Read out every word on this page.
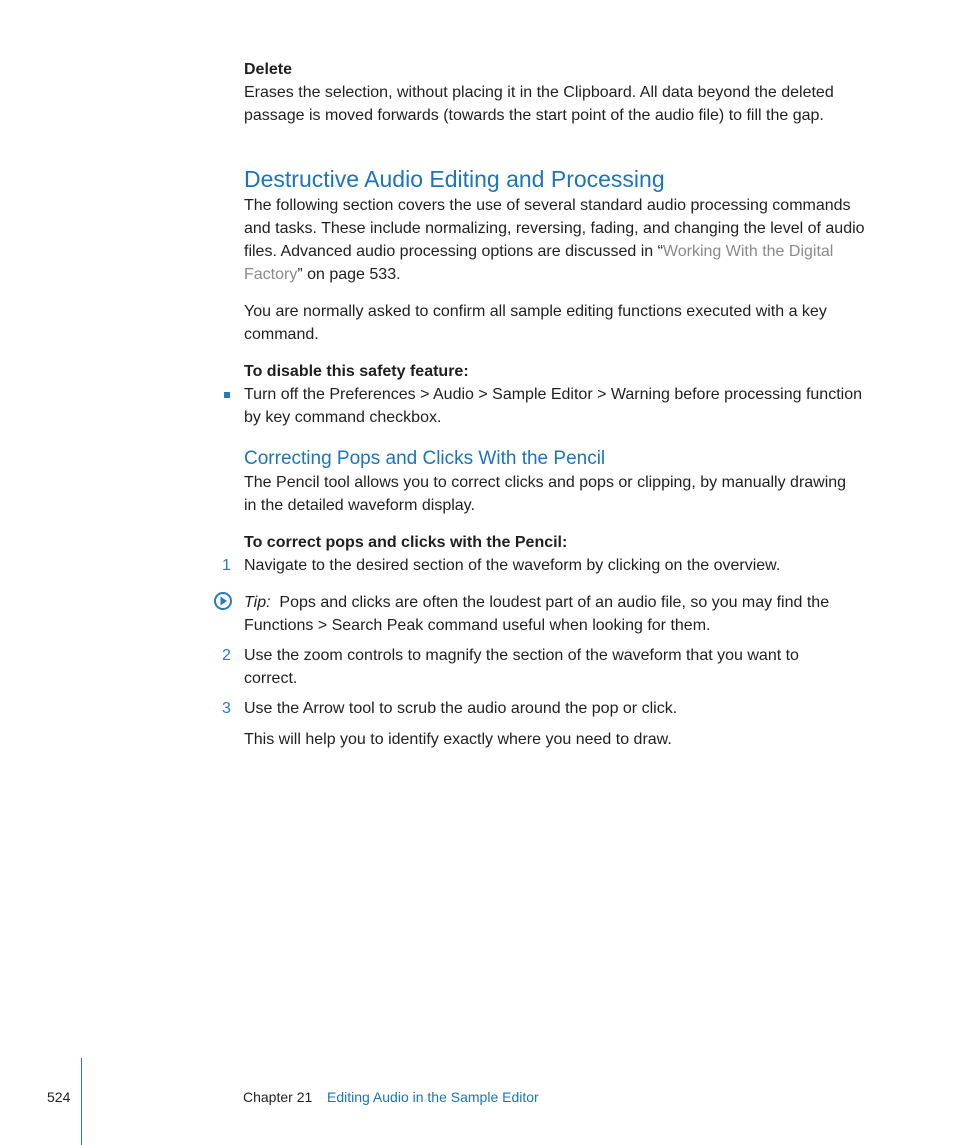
Delete
Erases the selection, without placing it in the Clipboard. All data beyond the deleted
passage is moved forwards (towards the start point of the audio file) to fill the gap.
Destructive Audio Editing and Processing
The following section covers the use of several standard audio processing commands
and tasks. These include normalizing, reversing, fading, and changing the level of audio
files. Advanced audio processing options are discussed in “Working With the Digital
Factory” on page 533.
You are normally asked to confirm all sample editing functions executed with a key
command.
To disable this safety feature:
Turn off the Preferences > Audio > Sample Editor > Warning before processing function
by key command checkbox.
Correcting Pops and Clicks With the Pencil
The Pencil tool allows you to correct clicks and pops or clipping, by manually drawing
in the detailed waveform display.
To correct pops and clicks with the Pencil:
1 Navigate to the desired section of the waveform by clicking on the overview.
Tip: Pops and clicks are often the loudest part of an audio file, so you may find the
Functions > Search Peak command useful when looking for them.
2 Use the zoom controls to magnify the section of the waveform that you want to
correct.
3 Use the Arrow tool to scrub the audio around the pop or click.
This will help you to identify exactly where you need to draw.
524	Chapter 21 Editing Audio in the Sample Editor
